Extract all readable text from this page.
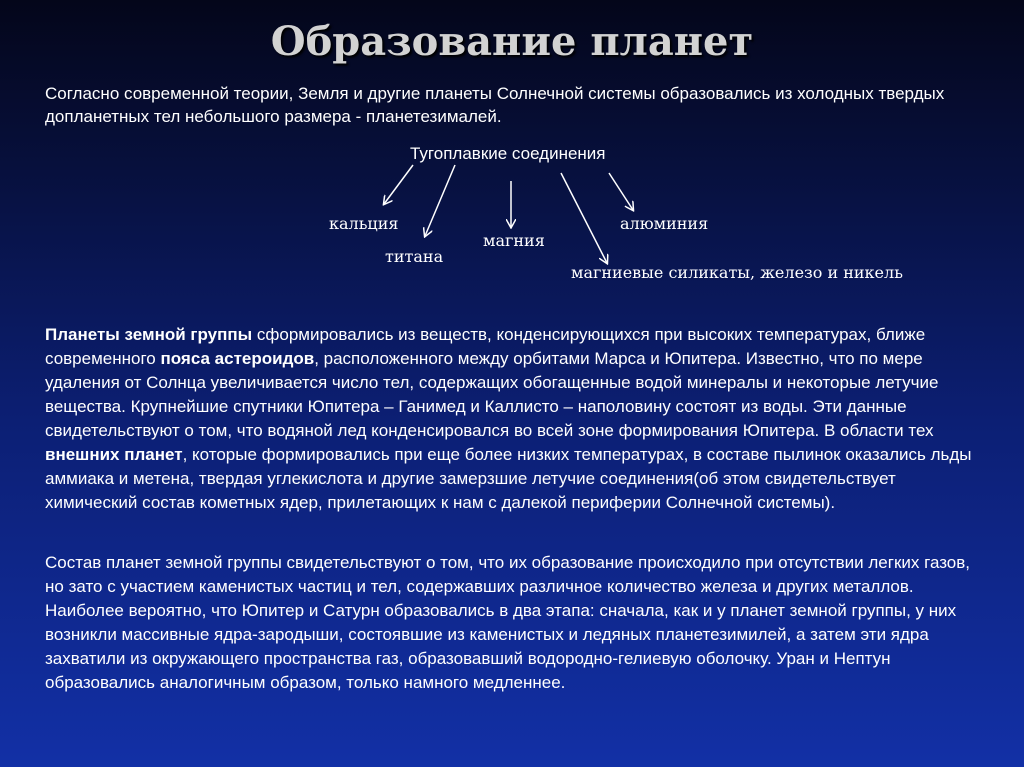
Образование планет
Согласно современной теории, Земля и другие планеты Солнечной системы образовались из холодных твердых допланетных тел небольшого размера - планетезималей.
Тугоплавкие соединения
кальция
титана
магния
алюминия
магниевые силикаты, железо и никель
Планеты земной группы сформировались из веществ, конденсирующихся при высоких температурах, ближе современного пояса астероидов, расположенного между орбитами Марса и Юпитера. Известно, что по мере удаления от Солнца увеличивается число тел, содержащих обогащенные водой минералы и некоторые летучие вещества. Крупнейшие спутники Юпитера – Ганимед и Каллисто – наполовину состоят из воды. Эти данные свидетельствуют о том, что водяной лед конденсировался во всей зоне формирования Юпитера. В области тех внешних планет, которые формировались при еще более низких температурах, в составе пылинок оказались льды аммиака и метена, твердая углекислота и другие замерзшие летучие соединения(об этом свидетельствует химический состав кометных ядер, прилетающих к нам с далекой периферии Солнечной системы).
Состав планет земной группы свидетельствуют о том, что их образование происходило при отсутствии легких газов, но зато с участием каменистых частиц и тел, содержавших различное количество железа и других металлов. Наиболее вероятно, что Юпитер и Сатурн образовались в два этапа: сначала, как и у планет земной группы, у них возникли массивные ядра-зародыши, состоявшие из каменистых и ледяных планетезимилей, а затем эти ядра захватили из окружающего пространства газ, образовавший водородно-гелиевую оболочку. Уран и Нептун образовались аналогичным образом, только намного медленнее.
